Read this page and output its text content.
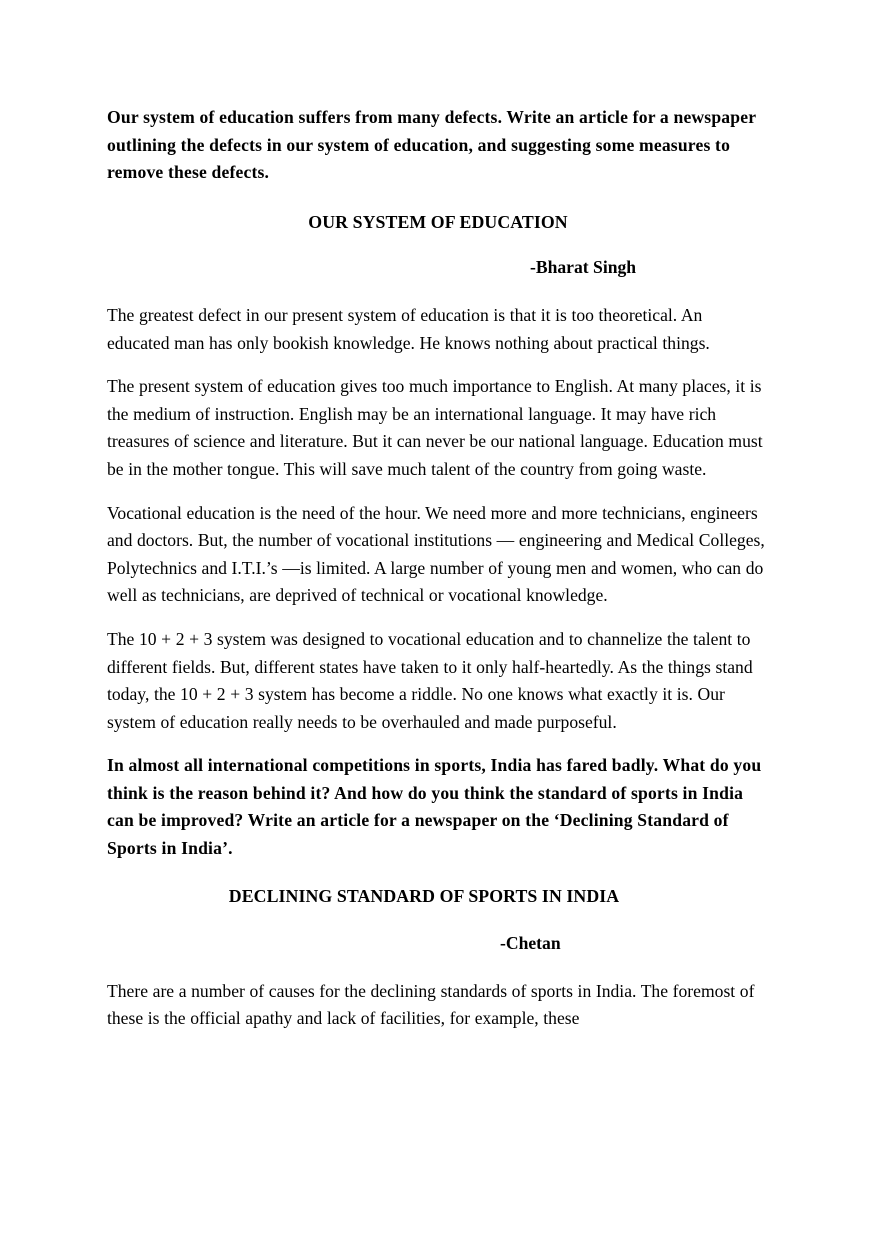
Our system of education suffers from many defects. Write an article for a newspaper outlining the defects in our system of education, and suggesting some measures to remove these defects.

OUR SYSTEM OF EDUCATION

-Bharat Singh

The greatest defect in our present system of education is that it is too theoretical. An educated man has only bookish knowledge. He knows nothing about practical things.

The present system of education gives too much importance to English. At many places, it is the medium of instruction. English may be an international language. It may have rich treasures of science and literature. But it can never be our national language. Education must be in the mother tongue. This will save much talent of the country from going waste.

Vocational education is the need of the hour. We need more and more technicians, engineers and doctors. But, the number of vocational institutions — engineering and Medical Colleges, Polytechnics and I.T.I.’s —is limited. A large number of young men and women, who can do well as technicians, are deprived of technical or vocational knowledge.

The 10 + 2 + 3 system was designed to vocational education and to channelize the talent to different fields. But, different states have taken to it only half-heartedly. As the things stand today, the 10 + 2 + 3 system has become a riddle. No one knows what exactly it is. Our system of education really needs to be overhauled and made purposeful.

In almost all international competitions in sports, India has fared badly. What do you think is the reason behind it? And how do you think the standard of sports in India can be improved? Write an article for a newspaper on the ‘Declining Standard of Sports in India’.

DECLINING STANDARD OF SPORTS IN INDIA

-Chetan

There are a number of causes for the declining standards of sports in India. The foremost of these is the official apathy and lack of facilities, for example, these
